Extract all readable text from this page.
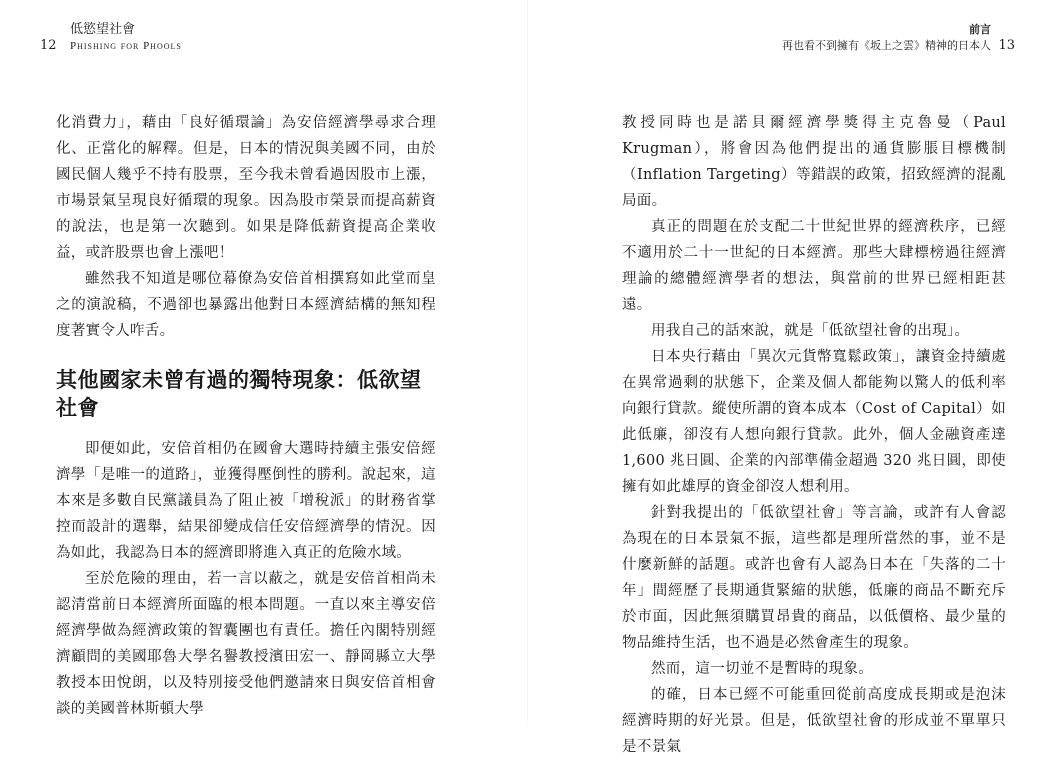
12
低慾望社會
Phishing for Phools

化消費力」，藉由「良好循環論」為安倍經濟學尋求合理化、正當化的解釋。但是，日本的情況與美國不同，由於國民個人幾乎不持有股票，至今我未曾看過因股市上漲，市場景氣呈現良好循環的現象。因為股市榮景而提高薪資的說法，也是第一次聽到。如果是降低薪資提高企業收益，或許股票也會上漲吧！

雖然我不知道是哪位幕僚為安倍首相撰寫如此堂而皇之的演說稿，不過卻也暴露出他對日本經濟結構的無知程度著實令人咋舌。

其他國家未曾有過的獨特現象：低欲望社會

即便如此，安倍首相仍在國會大選時持續主張安倍經濟學「是唯一的道路」，並獲得壓倒性的勝利。說起來，這本來是多數自民黨議員為了阻止被「增稅派」的財務省掌控而設計的選舉，結果卻變成信任安倍經濟學的情況。因為如此，我認為日本的經濟即將進入真正的危險水域。

至於危險的理由，若一言以蔽之，就是安倍首相尚未認清當前日本經濟所面臨的根本問題。一直以來主導安倍經濟學做為經濟政策的智囊團也有責任。擔任內閣特別經濟顧問的美國耶魯大學名譽教授濱田宏一、靜岡縣立大學教授本田悅朗，以及特別接受他們邀請來日與安倍首相會談的美國普林斯頓大學

前言
再也看不到擁有《坂上之雲》精神的日本人 13

教授同時也是諾貝爾經濟學獎得主克魯曼（Paul Krugman），將會因為他們提出的通貨膨脹目標機制（Inflation Targeting）等錯誤的政策，招致經濟的混亂局面。

真正的問題在於支配二十世紀世界的經濟秩序，已經不適用於二十一世紀的日本經濟。那些大肆標榜過往經濟理論的總體經濟學者的想法，與當前的世界已經相距甚遠。

用我自己的話來說，就是「低欲望社會的出現」。

日本央行藉由「異次元貨幣寬鬆政策」，讓資金持續處在異常過剩的狀態下，企業及個人都能夠以驚人的低利率向銀行貸款。縱使所謂的資本成本（Cost of Capital）如此低廉，卻沒有人想向銀行貸款。此外，個人金融資產達 1,600 兆日圓、企業的內部準備金超過 320 兆日圓，即使擁有如此雄厚的資金卻沒人想利用。

針對我提出的「低欲望社會」等言論，或許有人會認為現在的日本景氣不振，這些都是理所當然的事，並不是什麼新鮮的話題。或許也會有人認為日本在「失落的二十年」間經歷了長期通貨緊縮的狀態，低廉的商品不斷充斥於市面，因此無須購買昂貴的商品，以低價格、最少量的物品維持生活，也不過是必然會產生的現象。

然而，這一切並不是暫時的現象。

的確，日本已經不可能重回從前高度成長期或是泡沫經濟時期的好光景。但是，低欲望社會的形成並不單單只是不景氣
